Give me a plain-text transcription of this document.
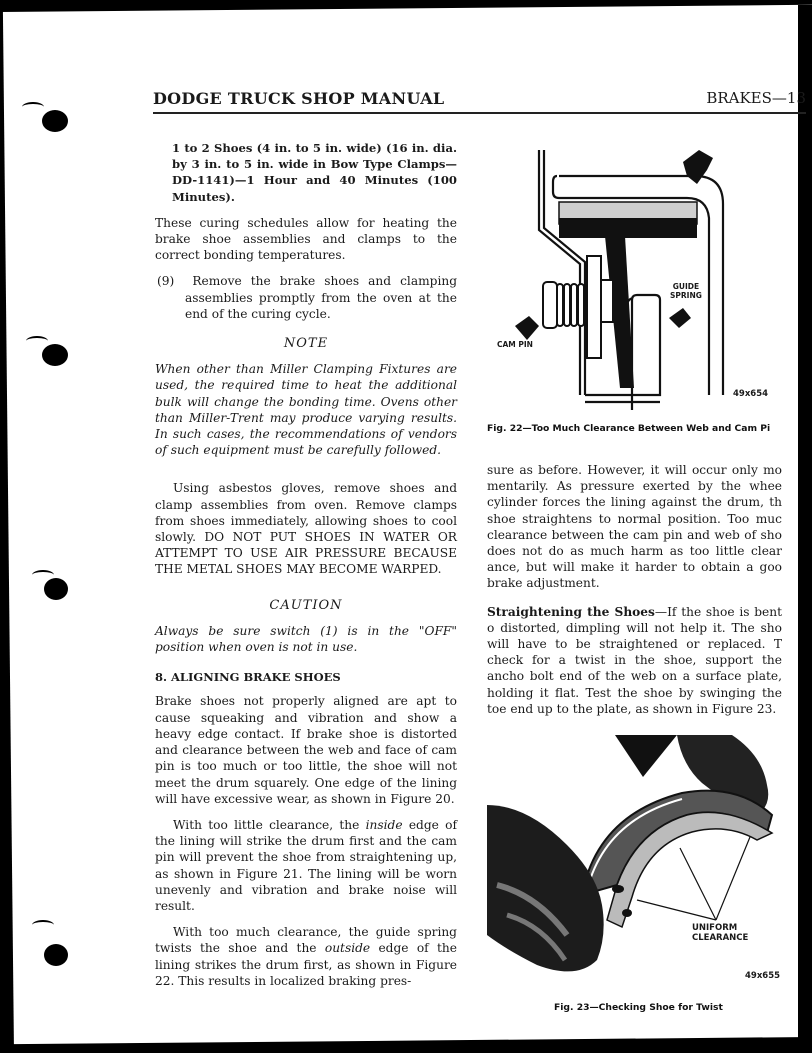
DODGE TRUCK SHOP MANUAL	BRAKES—13

1 to 2 Shoes (4 in. to 5 in. wide) (16 in. dia. by 3 in. to 5 in. wide in Bow Type Clamps—DD-1141)—1 Hour and 40 Minutes (100 Minutes).

These curing schedules allow for heating the brake shoe assemblies and clamps to the correct bonding temperatures.

(9) Remove the brake shoes and clamping assemblies promptly from the oven at the end of the curing cycle.

NOTE

When other than Miller Clamping Fixtures are used, the required time to heat the additional bulk will change the bonding time. Ovens other than Miller-Trent may produce varying results. In such cases, the recommendations of vendors of such equipment must be carefully followed.

Using asbestos gloves, remove shoes and clamp assemblies from oven. Remove clamps from shoes immediately, allowing shoes to cool slowly. DO NOT PUT SHOES IN WATER OR ATTEMPT TO USE AIR PRESSURE BECAUSE THE METAL SHOES MAY BECOME WARPED.

CAUTION

Always be sure switch (1) is in the "OFF" position when oven is not in use.

8. ALIGNING BRAKE SHOES

Brake shoes not properly aligned are apt to cause squeaking and vibration and show a heavy edge contact. If brake shoe is distorted and clearance between the web and face of cam pin is too much or too little, the shoe will not meet the drum squarely. One edge of the lining will have excessive wear, as shown in Figure 20.

With too little clearance, the inside edge of the lining will strike the drum first and the cam pin will prevent the shoe from straightening up, as shown in Figure 21. The lining will be worn unevenly and vibration and brake noise will result.

With too much clearance, the guide spring twists the shoe and the outside edge of the lining strikes the drum first, as shown in Figure 22. This results in localized braking pres-

GUIDE
SPRING
CAM PIN
49x654
Fig. 22—Too Much Clearance Between Web and Cam Pi

sure as before. However, it will occur only mo mentarily. As pressure exerted by the whee cylinder forces the lining against the drum, th shoe straightens to normal position. Too muc clearance between the cam pin and web of sho does not do as much harm as too little clear ance, but will make it harder to obtain a goo brake adjustment.

Straightening the Shoes—If the shoe is bent o distorted, dimpling will not help it. The sho will have to be straightened or replaced. T check for a twist in the shoe, support the ancho bolt end of the web on a surface plate, holding it flat. Test the shoe by swinging the toe end up to the plate, as shown in Figure 23.

UNIFORM
CLEARANCE
49x655
Fig. 23—Checking Shoe for Twist
